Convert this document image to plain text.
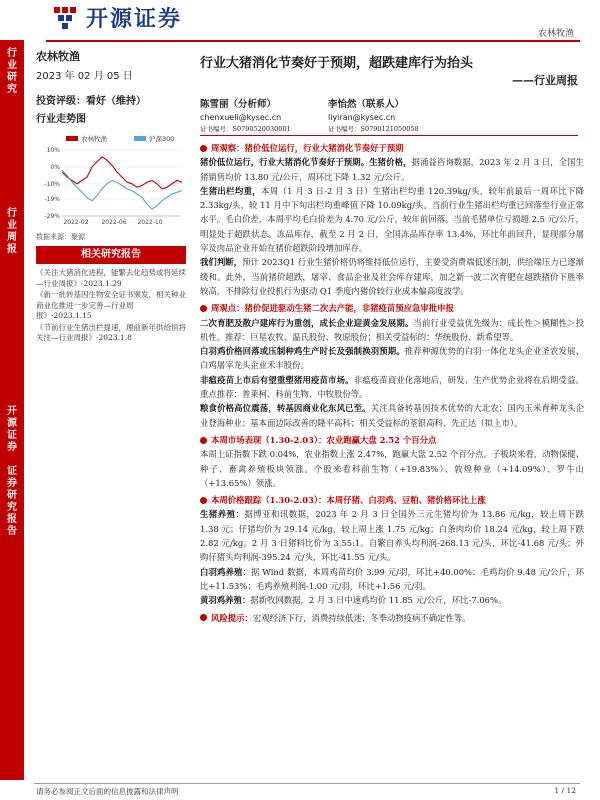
开源证券
农林牧渔
行
业
研
究
行
业
周
报
开
源
证
券

证
券
研
究
报
告
农林牧渔
2023 年 02 月 05 日
投资评级：看好（维持）
行业走势图
农林牧渔	沪深300
10%
0%
-10%
-19%
-29%
2022-02 2022-06 2022-10
数据来源：聚源
相关研究报告
《关注大猪消化进程，能繁去化趋势或将延续—行业周报》-2023.1.29
《新一批转基因生物安全证书颁发，相关种业商业化推进一步完善—行业周报》-2023.1.15
《节前行业生猪出栏提速，理前新年供给恒将关注—行业周报》-2023.1.8
行业大猪消化节奏好于预期，超跌建库行为抬头
——行业周报
陈雪丽（分析师）
chenxueli@kysec.cn
证书编号：S0790520030001
李怡然（联系人）
liyiran@kysec.cn
证书编号：S0790121050058
周观察：猪价低位运行，行业大猪消化节奏好于预期
猪价低位运行，行业大猪消化节奏好于预期。生猪价格，据涌益咨询数据，2023 年 2 月 3 日，全国生猪销售均价 13.80 元/公斤，周环比下降 1.32 元/公斤。
生猪出栏均重，本周（1 月 3 日-2 月 3 日）生猪出栏均重 120.39kg/头，较年前最后一周环比下降 2.33kg/头，较 11 月中下旬出栏均重峰值下降 10.09kg/头。当前行业生猪出栏均重已回落至行业正常水平。毛白价差，本周平均毛白价差为 4.70 元/公斤，较年前回落。当前毛猪单位亏损超 2.5 元/公斤，明显处于超跌状态。冻品库存，截至 2 月 2 日，全国冻品库存率 13.4%，环比年前回升，显现部分屠宰及肉品企业开始在猪价超跌阶段增加库存。
我们判断，预计 2023Q1 行业生猪价格仍将维持低位运行，主要受消费端低迷压制，供给端压力已逐渐缓和。此外，当前猪价超跌，屠宰、食品企业及社会库存建库，加之新一波二次育肥在超跌猪价下胜率较高，不排除行业投机行为驱动 Q1 季度内猪价较行业成本偏高度波学。
周观点：猪价促进驱动生猪二次去产能，非猪疫苗预应急审批申报
二次育肥及散户建库行为重创，成长企业迎黄金发展期。当前行业受益优先级为：成长性＞模糊性＞投机性。推荐：巨星农牧、温氏股份、牧原股份；相关受益标的：华统股份、新希望等。
白羽鸡价格回落或压制种鸡生产时长及强制换羽预期。推荐种源优势的白羽一体化龙头企业圣农发展、白鸡屠宰龙头企业禾丰股份。
非瘟疫苗上市后有望重塑猪用疫苗市场。非瘟疫苗商业化落地后，研发、生产优势企业将在后期受益。重点推荐：普莱柯、科前生物、中牧股份等。
粮食价格高位震荡，转基因商业化东风已至。关注具备转基因技术优势的大北农；国内玉米育种龙头企业登海种业；基本面边际改善的隆平高科；相关受益标的荃银高科、先正达（拟上市）。
本周市场表现（1.30-2.03）：农业跑赢大盘 2.52 个百分点
本周上证指数下跌 0.04%，农业指数上涨 2.47%，跑赢大盘 2.52 个百分点。子板块来看，动物保健、种子、畜禽养殖板块领涨。个股来看科前生物（+19.83%）、敦煌种业（+14.09%）、罗牛山（+13.65%）领涨。
本周价格跟踪（1.30-2.03）：本周仔猪、白羽鸡、豆粕、猪价格环比上涨
生猪养殖：据博亚和讯数据，2023 年 2 月 3 日全国外三元生猪均价为 13.86 元/kg，较上周下跌 1.38 元；仔猪均价为 29.14 元/kg，较上周上涨 1.75 元/kg；白条肉均价 18.24 元/kg，较上周下跌 2.82 元/kg。2 月 3 日猪料比价为 3.55:1。自繁自养头均利润-268.13 元/头，环比-41.68 元/头；外购仔猪头均利润-395.24 元/头，环比-41.55 元/头。
白羽鸡养殖：据 Wind 数据，本周鸡苗均价 3.99 元/羽，环比+40.00%；毛鸡均价 9.48 元/公斤，环比+11.53%；毛鸡养殖利润-1.00 元/羽，环比+1.56 元/羽。
黄羽鸡养殖：据新牧网数据，2 月 3 日中速鸡均价 11.85 元/公斤，环比-7.06%。
风险提示： 宏观经济下行，消费持续低迷；冬季动物疫病不确定性等。
请务必参阅正文后面的信息披露和法律声明	1 / 12
